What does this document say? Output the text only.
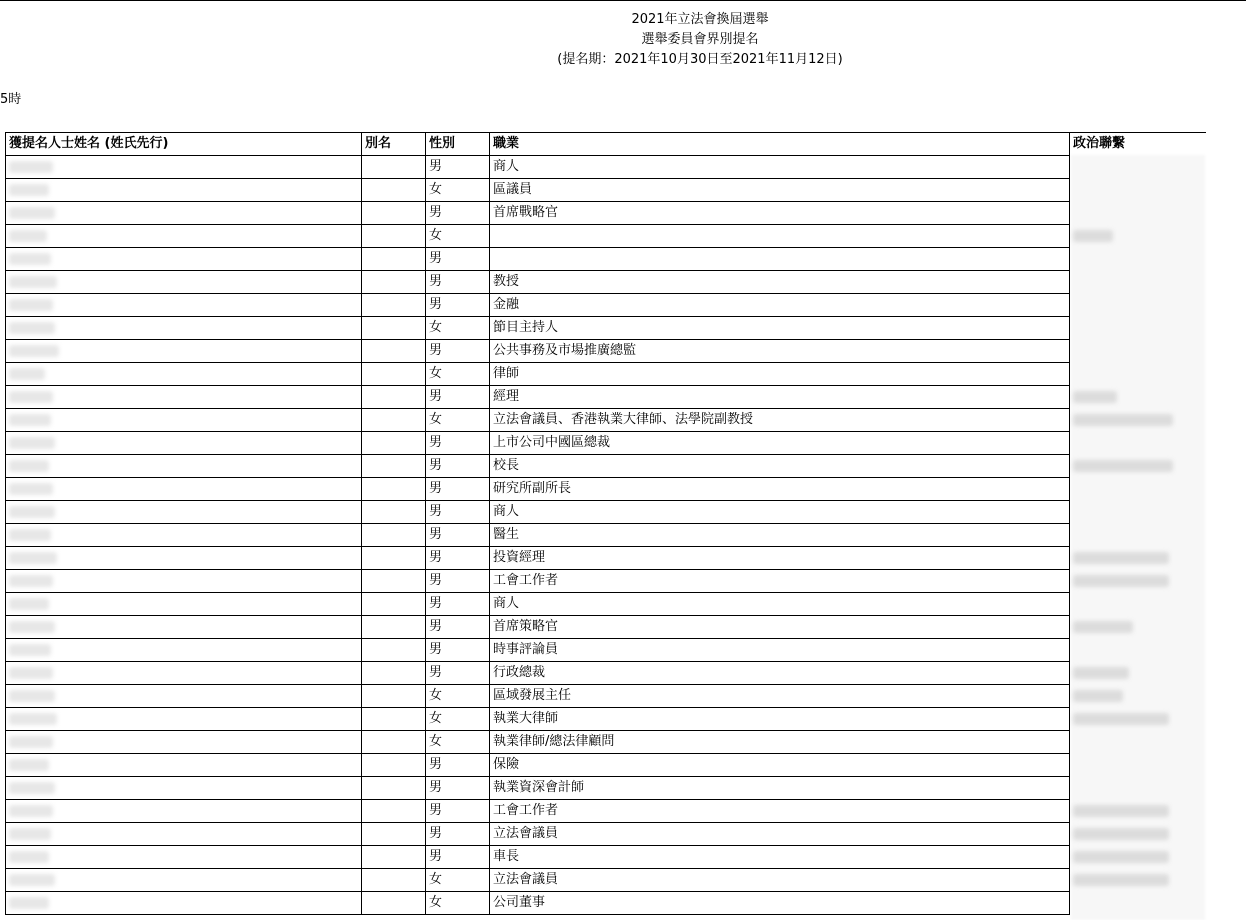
2021年立法會換屆選舉
選舉委員會界別提名
(提名期：2021年10月30日至2021年11月12日)
5時
獲提名人士姓名 (姓氏先行)	別名	性別	職業	政治聯繫
		男	商人	
		女	區議員	
		男	首席戰略官	
		女		
		男		
		男	教授	
		男	金融	
		女	節目主持人	
		男	公共事務及市場推廣總監	
		女	律師	
		男	經理	
		女	立法會議員、香港執業大律師、法學院副教授	
		男	上市公司中國區總裁	
		男	校長	
		男	研究所副所長	
		男	商人	
		男	醫生	
		男	投資經理	
		男	工會工作者	
		男	商人	
		男	首席策略官	
		男	時事評論員	
		男	行政總裁	
		女	區域發展主任	
		女	執業大律師	
		女	執業律師/總法律顧問	
		男	保險	
		男	執業資深會計師	
		男	工會工作者	
		男	立法會議員	
		男	車長	
		女	立法會議員	
		女	公司董事	
